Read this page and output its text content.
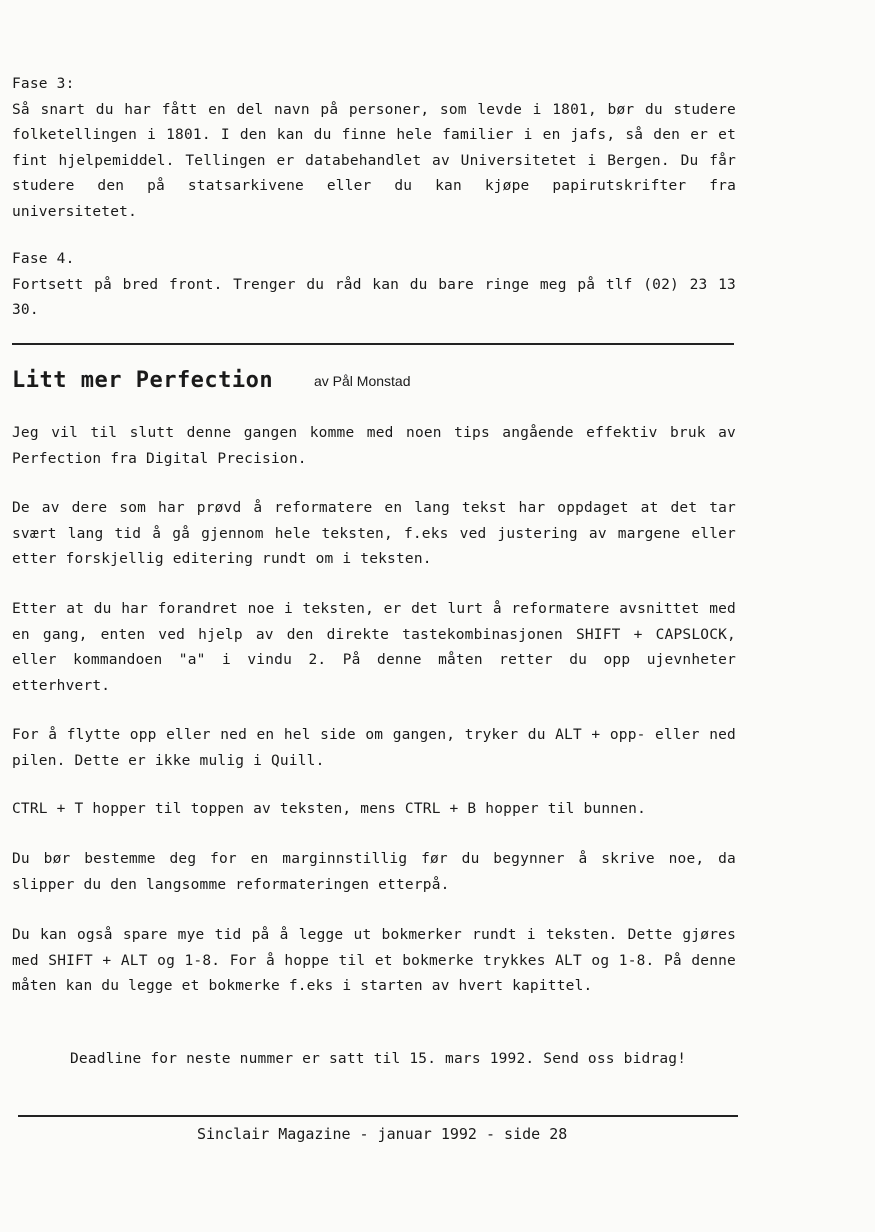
Fase 3:
Så snart du har fått en del navn på personer, som levde i 1801, bør du studere
folketellingen i 1801. I den kan du finne hele familier i en jafs, så den er et
fint hjelpemiddel. Tellingen er databehandlet av Universitetet i Bergen. Du får
studere den på statsarkivene eller du kan kjøpe papirutskrifter fra
universitetet.
Fase 4.
Fortsett på bred front. Trenger du råd kan du bare ringe meg på tlf (02) 23 13
30.
Litt mer Perfection	av Pål Monstad
Jeg vil til slutt denne gangen komme med noen tips angående effektiv bruk av
Perfection fra Digital Precision.
De av dere som har prøvd å reformatere en lang tekst har oppdaget at det tar
svært lang tid å gå gjennom hele teksten, f.eks ved justering av margene eller
etter forskjellig editering rundt om i teksten.
Etter at du har forandret noe i teksten, er det lurt å reformatere avsnittet med
en gang, enten ved hjelp av den direkte tastekombinasjonen SHIFT + CAPSLOCK,
eller kommandoen "a" i vindu 2. På denne måten retter du opp ujevnheter
etterhvert.
For å flytte opp eller ned en hel side om gangen, tryker du ALT + opp- eller ned
pilen. Dette er ikke mulig i Quill.
CTRL + T hopper til toppen av teksten, mens CTRL + B hopper til bunnen.
Du bør bestemme deg for en marginnstillig før du begynner å skrive noe, da
slipper du den langsomme reformateringen etterpå.
Du kan også spare mye tid på å legge ut bokmerker rundt i teksten. Dette gjøres
med SHIFT + ALT og 1-8. For å hoppe til et bokmerke trykkes ALT og 1-8. På denne
måten kan du legge et bokmerke f.eks i starten av hvert kapittel.
Deadline for neste nummer er satt til 15. mars 1992. Send oss bidrag!
Sinclair Magazine - januar 1992 - side 28
